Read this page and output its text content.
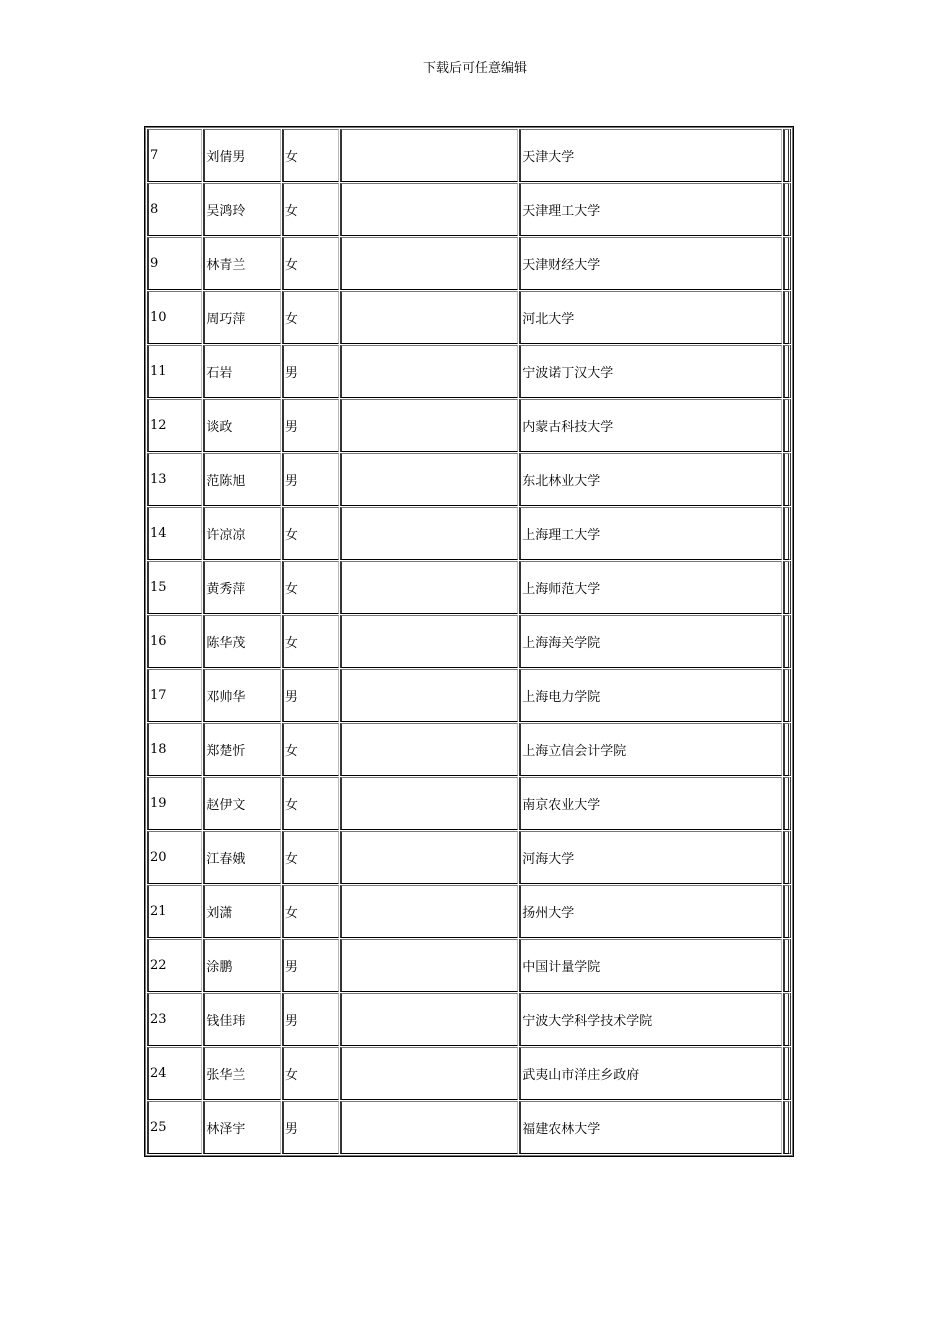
下载后可任意编辑
7	刘倩男	女		天津大学	
8	吴鸿玲	女		天津理工大学	
9	林青兰	女		天津财经大学	
10	周巧萍	女		河北大学	
11	石岩	男		宁波诺丁汉大学	
12	谈政	男		内蒙古科技大学	
13	范陈旭	男		东北林业大学	
14	许凉凉	女		上海理工大学	
15	黄秀萍	女		上海师范大学	
16	陈华茂	女		上海海关学院	
17	邓帅华	男		上海电力学院	
18	郑楚忻	女		上海立信会计学院	
19	赵伊文	女		南京农业大学	
20	江春娥	女		河海大学	
21	刘潇	女		扬州大学	
22	涂鹏	男		中国计量学院	
23	钱佳玮	男		宁波大学科学技术学院	
24	张华兰	女		武夷山市洋庄乡政府	
25	林泽宇	男		福建农林大学	
